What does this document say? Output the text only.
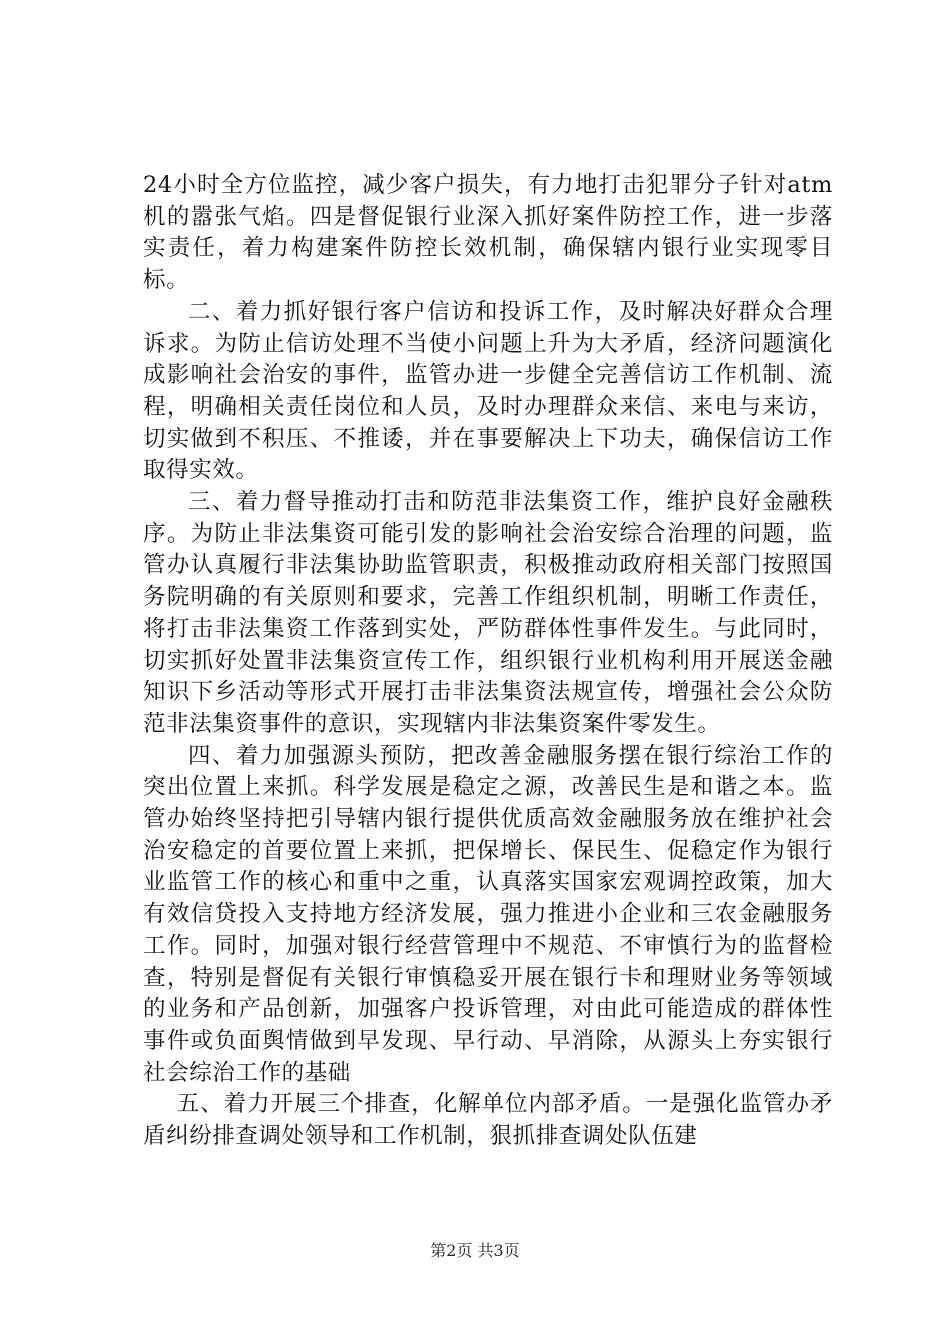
24小时全方位监控，减少客户损失，有力地打击犯罪分子针对atm机的嚣张气焰。四是督促银行业深入抓好案件防控工作，进一步落实责任，着力构建案件防控长效机制，确保辖内银行业实现零目标。

二、着力抓好银行客户信访和投诉工作，及时解决好群众合理诉求。为防止信访处理不当使小问题上升为大矛盾，经济问题演化成影响社会治安的事件，监管办进一步健全完善信访工作机制、流程，明确相关责任岗位和人员，及时办理群众来信、来电与来访，切实做到不积压、不推诿，并在事要解决上下功夫，确保信访工作取得实效。

三、着力督导推动打击和防范非法集资工作，维护良好金融秩序。为防止非法集资可能引发的影响社会治安综合治理的问题，监管办认真履行非法集协助监管职责，积极推动政府相关部门按照国务院明确的有关原则和要求，完善工作组织机制，明晰工作责任，将打击非法集资工作落到实处，严防群体性事件发生。与此同时，切实抓好处置非法集资宣传工作，组织银行业机构利用开展送金融知识下乡活动等形式开展打击非法集资法规宣传，增强社会公众防范非法集资事件的意识，实现辖内非法集资案件零发生。

四、着力加强源头预防，把改善金融服务摆在银行综治工作的突出位置上来抓。科学发展是稳定之源，改善民生是和谐之本。监管办始终坚持把引导辖内银行提供优质高效金融服务放在维护社会治安稳定的首要位置上来抓，把保增长、保民生、促稳定作为银行业监管工作的核心和重中之重，认真落实国家宏观调控政策，加大有效信贷投入支持地方经济发展，强力推进小企业和三农金融服务工作。同时，加强对银行经营管理中不规范、不审慎行为的监督检查，特别是督促有关银行审慎稳妥开展在银行卡和理财业务等领域的业务和产品创新，加强客户投诉管理，对由此可能造成的群体性事件或负面舆情做到早发现、早行动、早消除，从源头上夯实银行社会综治工作的基础

五、着力开展三个排查，化解单位内部矛盾。一是强化监管办矛盾纠纷排查调处领导和工作机制，狠抓排查调处队伍建

第2页 共3页
